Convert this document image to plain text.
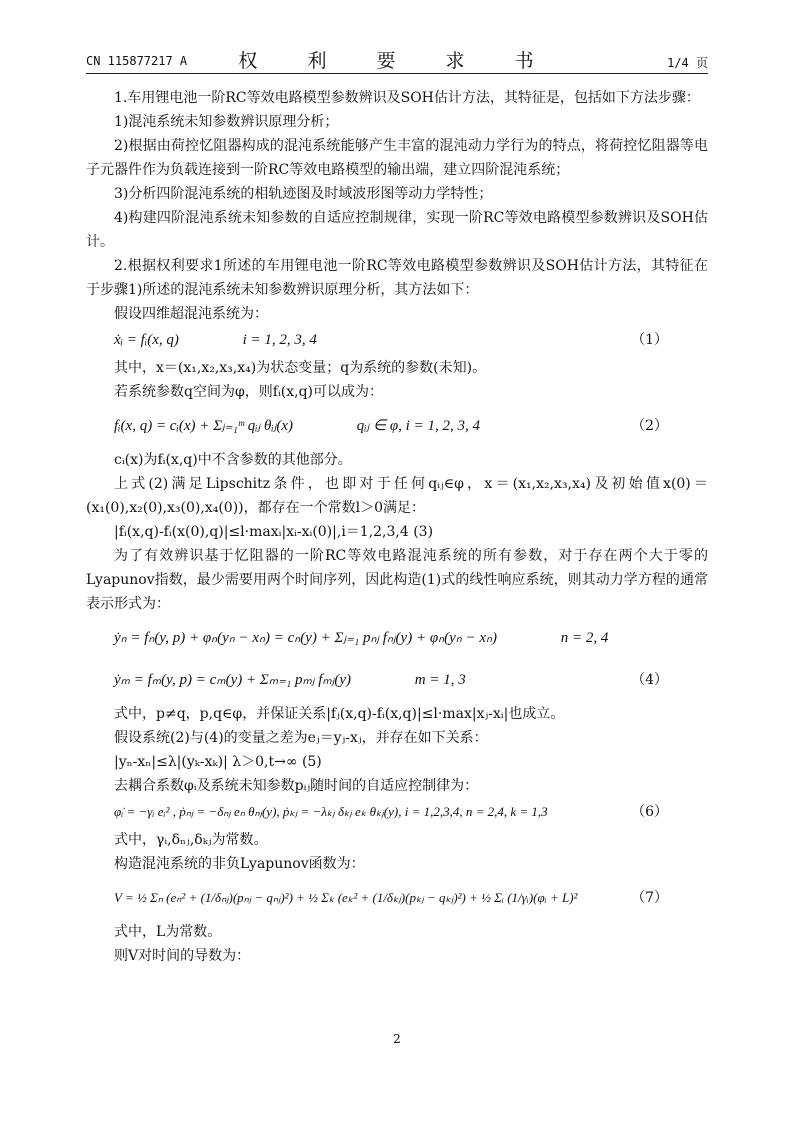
CN 115877217 A	权 利 要 求 书	1/4 页

1.车用锂电池一阶RC等效电路模型参数辨识及SOH估计方法，其特征是，包括如下方法步骤：

1)混沌系统未知参数辨识原理分析；

2)根据由荷控忆阻器构成的混沌系统能够产生丰富的混沌动力学行为的特点，将荷控忆阻器等电子元器件作为负载连接到一阶RC等效电路模型的输出端，建立四阶混沌系统；

3)分析四阶混沌系统的相轨迹图及时域波形图等动力学特性；

4)构建四阶混沌系统未知参数的自适应控制规律，实现一阶RC等效电路模型参数辨识及SOH估计。

2.根据权利要求1所述的车用锂电池一阶RC等效电路模型参数辨识及SOH估计方法，其特征在于步骤1)所述的混沌系统未知参数辨识原理分析，其方法如下：

假设四维超混沌系统为：

ẋᵢ = fᵢ(x, q)	i = 1, 2, 3, 4	（1）

其中，x＝(x₁,x₂,x₃,x₄)为状态变量；q为系统的参数(未知)。

若系统参数q空间为φ，则fᵢ(x,q)可以成为：

fᵢ(x, q) = cᵢ(x) + Σⱼ₌₁ᵐ qᵢⱼ θᵢⱼ(x)	qᵢⱼ ∈ φ, i = 1, 2, 3, 4	（2）

cᵢ(x)为fᵢ(x,q)中不含参数的其他部分。

上式(2)满足Lipschitz条件，也即对于任何qᵢⱼ∈φ，x＝(x₁,x₂,x₃,x₄)及初始值x(0)＝(x₁(0),x₂(0),x₃(0),x₄(0))，都存在一个常数l＞0满足：

|fᵢ(x,q)-fᵢ(x(0),q)|≤l·maxᵢ|xᵢ-xᵢ(0)|,i＝1,2,3,4 (3)

为了有效辨识基于忆阻器的一阶RC等效电路混沌系统的所有参数，对于存在两个大于零的Lyapunov指数，最少需要用两个时间序列，因此构造(1)式的线性响应系统，则其动力学方程的通常表示形式为：

ẏₙ = fₙ(y, p) + φₙ(yₙ − xₙ) = cₙ(y) + Σⱼ₌₁ pₙⱼ fₙⱼ(y) + φₙ(yₙ − xₙ)	n = 2, 4
ẏₘ = fₘ(y, p) = cₘ(y) + Σₘ₌₁ pₘⱼ fₘⱼ(y)	m = 1, 3	（4）

式中，p≠q，p,q∈φ，并保证关系|fⱼ(x,q)-fᵢ(x,q)|≤l·max|xⱼ-xᵢ|也成立。

假设系统(2)与(4)的变量之差为eⱼ＝yⱼ-xⱼ，并存在如下关系：

|yₙ-xₙ|≤λ|(yₖ-xₖ)| λ＞0,t→∞ (5)

去耦合系数φᵢ及系统未知参数pᵢⱼ随时间的自适应控制律为：

φ̇ᵢ = −γᵢ eᵢ² , ṗₙⱼ = −δₙⱼ eₙ θₙⱼ(y), ṗₖⱼ = −λₖⱼ δₖⱼ eₖ θₖⱼ(y), i = 1,2,3,4, n = 2,4, k = 1,3	（6）

式中，γᵢ,δₙⱼ,δₖⱼ为常数。

构造混沌系统的非负Lyapunov函数为：

V = ½ Σₙ (eₙ² + (1/δₙⱼ)(pₙⱼ − qₙⱼ)²) + ½ Σₖ (eₖ² + (1/δₖⱼ)(pₖⱼ − qₖⱼ)²) + ½ Σᵢ (1/γᵢ)(φᵢ + L)²	（7）

式中，L为常数。

则V对时间的导数为：

2
